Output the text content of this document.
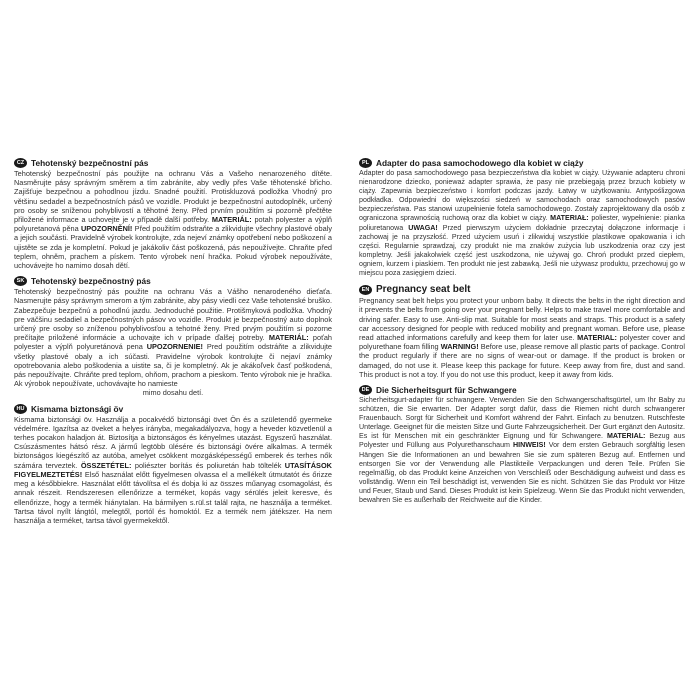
CZ Tehotenský bezpečnostní pás
Tehotenský bezpečnostní pás použijte na ochranu Vás a Vašeho nenarozeného dítěte. Nasměrujte pásy správným směrem a tím zabráníte, aby vedly přes Vaše těhotenské břicho. Zajišťuje bezpečnou a pohodlnou jízdu. Snadné použití. Protiskluzová podložka Vhodný pro většinu sedadel a bezpečnostních pásů ve vozidle. Produkt je bezpečnostní autodoplněk, určený pro osoby se sníženou pohyblivostí a těhotné ženy. Před prvním použitím si pozorně přečtěte přiložené informace a uchovejte je v případě další potřeby. MATERIÁL: potah polyester a výplň polyuretanová pěna UPOZORNĚNÍ! Před použitím odstraňte a zlikvidujte všechny plastové obaly a jejich součásti. Pravidelně výrobek kontrolujte, zda nejeví známky opotřebení nebo poškození a ujistěte se zda je kompletní. Pokud je jakákoliv část poškozená, pás nepoužívejte. Chraňte před teplem, ohněm, prachem a pískem. Tento výrobek není hračka. Pokud výrobek nepoužíváte, uchovávejte ho namimo dosah dětí.
SK Tehotenský bezpečnostný pás
Tehotenský bezpečnostný pás použite na ochranu Vás a Vášho nenarodeného dieťaťa. Nasmerujte pásy správnym smerom a tým zabránite, aby pásy viedli cez Vaše tehotenské bruško. Zabezpečuje bezpečnú a pohodlnú jazdu. Jednoduché použitie. Protišmyková podložka. Vhodný pre väčšinu sedadiel a bezpečnostných pásov vo vozidle. Produkt je bezpečnostný auto doplnok určený pre osoby so zníženou pohyblivosťou a tehotné ženy. Pred prvým použitím si pozorne prečítajte priložené informácie a uchovajte ich v prípade ďalšej potreby. MATERIÁL: poťah polyester a výplň polyuretánová pena UPOZORNENIE! Pred použitím odstráňte a zlikvidujte všetky plastové obaly a ich súčasti. Pravidelne výrobok kontrolujte či nejaví známky opotrebovania alebo poškodenia a uistite sa, či je kompletný. Ak je akákoľvek časť poškodená, pás nepoužívajte. Chráňte pred teplom, ohňom, prachom a pieskom. Tento výrobok nie je hračka. Ak výrobok nepoužívate, uchovávajte ho namieste
mimo dosahu detí.
HU Kismama biztonsági öv
Kismama biztonsági öv. Használja a pocakvédő biztonsági övet Ön és a születendő gyermeke védelmére. Igazítsa az öveket a helyes irányba, megakadályozva, hogy a heveder közvetlenül a terhes pocakon haladjon át. Biztosítja a biztonságos és kényelmes utazást. Egyszerű használat. Csúszásmentes hátsó rész. A jármű legtöbb ülésére és biztonsági övére alkalmas. A termék biztonságos kiegészítő az autóba, amelyet csökkent mozgásképességű emberek és terhes nők számára terveztek. ÖSSZETÉTEL: poliészter borítás és poliuretán hab töltelék UTASÍTÁSOK FIGYELMEZTETÉS! Első használat előtt figyelmesen olvassa el a mellékelt útmutatót és őrizze meg a későbbiekre. Használat előtt távolítsa el és dobja ki az összes műanyag csomagolást, és annak részeit. Rendszeresen ellenőrizze a terméket, kopás vagy sérülés jeleit keresve, és ellenőrizze, hogy a termék hiánytalan. Ha bármilyen s.rül.st talál rajta, ne használja a terméket. Tartsa távol nyílt lángtól, melegtől, portól és homoktól. Ez a termék nem játékszer. Ha nem használja a terméket, tartsa távol gyermekektől.
PL Adapter do pasa samochodowego dla kobiet w ciąży
Adapter do pasa samochodowego pasa bezpieczeństwa dla kobiet w ciąży. Używanie adapteru chroni nienarodzone dziecko, ponieważ adapter sprawia, że pasy nie przebiegają przez brzuch kobiety w ciąży. Zapewnia bezpieczeństwo i komfort podczas jazdy. Łatwy w użytkowaniu. Antypoślizgowa podkładka. Odpowiedni do większości siedzeń w samochodach oraz samochodowych pasów bezpieczeństwa. Pas stanowi uzupełnienie fotela samochodowego. Zostały zaprojektowany dla osób z ograniczona sprawnością ruchową oraz dla kobiet w ciąży. MATERIAŁ: poliester, wypełnienie: pianka poliuretanowa UWAGA! Przed pierwszym użyciem dokładnie przeczytaj dołączone informacje i zachowaj je na przyszłość. Przed użyciem usuń i zlikwiduj wszystkie plastikowe opakowania i ich części. Regularnie sprawdzaj, czy produkt nie ma znaków zużycia lub uszkodzenia oraz czy jest kompletny. Jeśli jakakolwiek część jest uszkodzona, nie używaj go. Chroń produkt przed ciepłem, ogniem, kurzem i piaskiem. Ten produkt nie jest zabawką. Jeśli nie używasz produktu, przechowuj go w miejscu poza zasięgiem dzieci.
EN Pregnancy seat belt
Pregnancy seat belt helps you protect your unborn baby. It directs the belts in the right direction and it prevents the belts from going over your pregnant belly. Helps to make travel more comfortable and driving safer. Easy to use. Anti-slip mat. Suitable for most seats and straps. This product is a safety car accessory designed for people with reduced mobility and pregnant woman. Before use, please read attached informations carefully and keep them for later use. MATERIAL: polyester cover and polyurethane foam filling WARNING! Before use, please remove all plastic parts of package. Control the product regularly if there are no signs of wear-out or damage. If the product is broken or damaged, do not use it. Please keep this package for future. Keep away from fire, dust and sand. This product is not a toy. If you do not use this product, keep it away from kids.
DE Die Sicherheitsgurt für Schwangere
Sicherheitsgurt-adapter für schwangere. Verwenden Sie den Schwangerschaftsgürtel, um Ihr Baby zu schützen, die Sie erwarten. Der Adapter sorgt dafür, dass die Riemen nicht durch schwangerer Frauenbauch. Sorgt für Sicherheit und Komfort während der Fahrt. Einfach zu benutzen. Rutschfeste Unterlage. Geeignet für die meisten Sitze und Gurte Fahrzeugsicherheit. Der Gurt ergänzt den Autositz. Es ist für Menschen mit ein geschränkter Eignung und für Schwangere. MATERIAL: Bezug aus Polyester und Füllung aus Polyurethanschaum HINWEIS! Vor dem ersten Gebrauch sorgfältig lesen Hängen Sie die Informationen an und bewahren Sie sie zum späteren Bezug auf. Entfernen und entsorgen Sie vor der Verwendung alle Plastikteile Verpackungen und deren Teile. Prüfen Sie regelmäßig, ob das Produkt keine Anzeichen von Verschleiß oder Beschädigung aufweist und dass es vollständig. Wenn ein Teil beschädigt ist, verwenden Sie es nicht. Schützen Sie das Produkt vor Hitze und Feuer, Staub und Sand. Dieses Produkt ist kein Spielzeug. Wenn Sie das Produkt nicht verwenden, bewahren Sie es außerhalb der Reichweite auf die Kinder.
